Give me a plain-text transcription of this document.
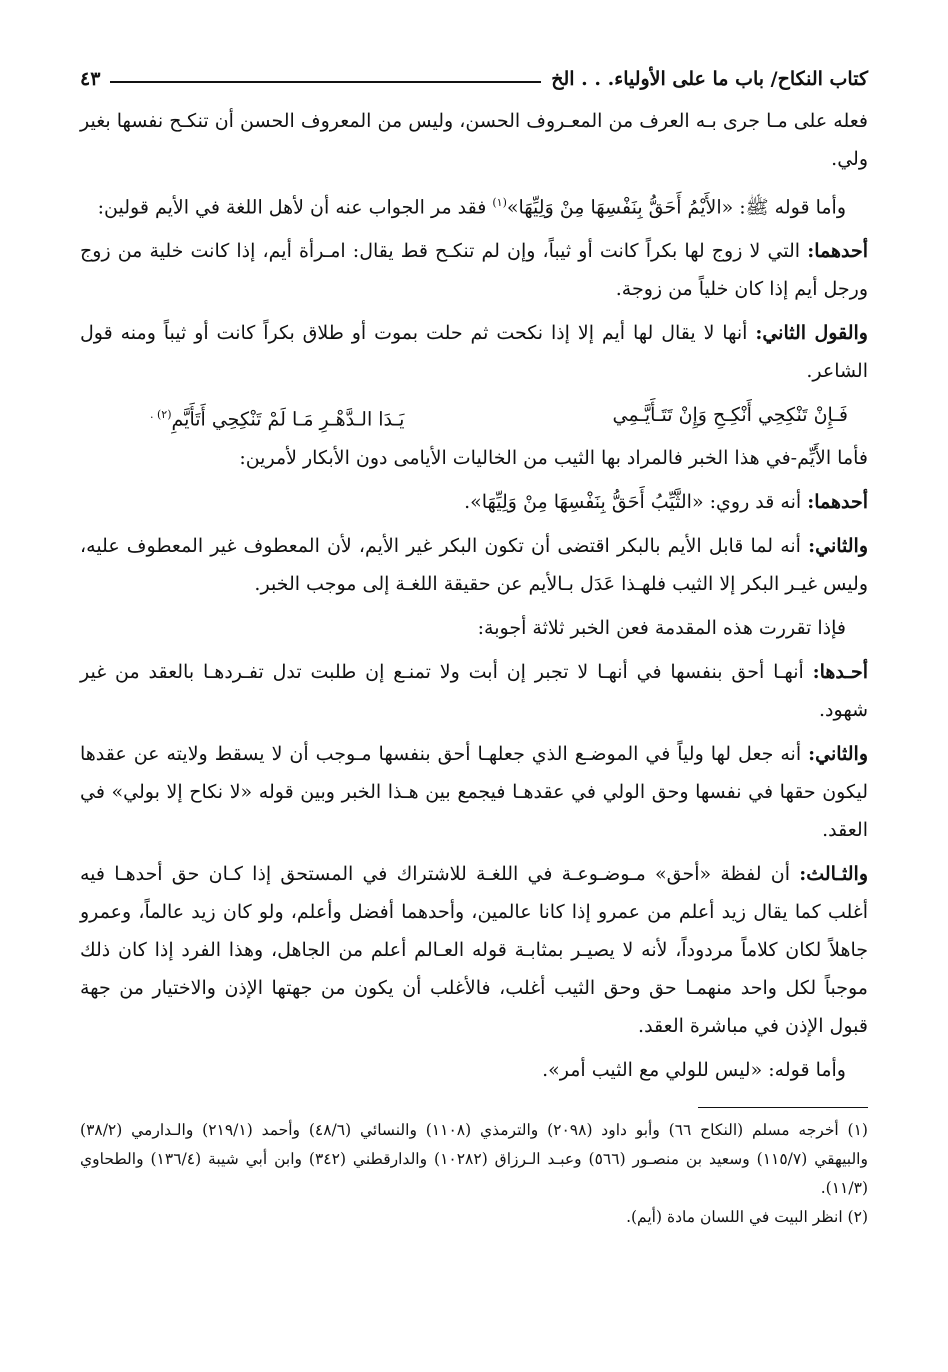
كتاب النكاح/ باب ما على الأولياء. . . الخ
٤٣

فعله على مـا جرى بـه العرف من المعـروف الحسن، وليس من المعروف الحسن أن تنكـح نفسها بغير ولي.

وأما قوله ﷺ: «الأَيْمُ أَحَقُّ بِنَفْسِهَا مِنْ وَلِيِّهَا»$^{(١)}$ فقد مر الجواب عنه أن لأهل اللغة في الأيم قولين:

أحدهما: التي لا زوج لها بكراً كانت أو ثيباً، وإن لم تنكـح قط يقال: امـرأة أيم، إذا كانت خلية من زوج ورجل أيم إذا كان خلياً من زوجة.

والقول الثاني: أنها لا يقال لها أيم إلا إذا نكحت ثم حلت بموت أو طلاق بكراً كانت أو ثيباً ومنه قول الشاعر.

فَـإِنْ تَنْكِحِي أَنْكِـحِ وَإِنْ تَتَـأَيَّـمِي
يَـدَا الـدَّهْـرِ مَـا لَمْ تَنْكِحِي أَتَأَيَّمِ$^{(٢) .}$

فأما الأَيِّم-في هذا الخبر فالمراد بها الثيب من الخاليات الأيامى دون الأبكار لأمرين:

أحدهما: أنه قد روي: «الثَّيِّبُ أَحَقُّ بِنَفْسِهَا مِنْ وَلِيِّهَا».

والثاني: أنه لما قابل الأيم بالبكر اقتضى أن تكون البكر غير الأيم، لأن المعطوف غير المعطوف عليه، وليس غيـر البكر إلا الثيب فلهـذا عَدَل بـالأيم عن حقيقة اللغـة إلى موجب الخبر.

فإذا تقررت هذه المقدمة فعن الخبر ثلاثة أجوبة:

أحـدها: أنهـا أحق بنفسها في أنهـا لا تجبر إن أبت ولا تمنـع إن طلبت تدل تفـردهـا بالعقد من غير شهود.

والثاني: أنه جعل لها ولياً في الموضـع الذي جعلهـا أحق بنفسها مـوجب أن لا يسقط ولايته عن عقدها ليكون حقها في نفسها وحق الولي في عقدهـا فيجمع بين هـذا الخبر وبين قوله «لا نكاح إلا بولي» في العقد.

والثـالث: أن لفظة «أحق» مـوضـوعـة في اللغـة للاشتراك في المستحق إذا كـان حق أحدهـا فيه أغلب كما يقال زيد أعلم من عمرو إذا كانا عالمين، وأحدهما أفضل وأعلم، ولو كان زيد عالماً، وعمرو جاهلاً لكان كلاماً مردوداً، لأنه لا يصيـر بمثابـة قوله العـالم أعلم من الجاهل، وهذا الفرد إذا كان ذلك موجباً لكل واحد منهمـا حق وحق الثيب أغلب، فالأغلب أن يكون من جهتها الإذن والاختيار من جهة قبول الإذن في مباشرة العقد.

وأما قوله: «ليس للولي مع الثيب أمر».

(١) أخرجه مسلم (النكاح ٦٦) وأبو داود (٢٠٩٨) والترمذي (١١٠٨) والنسائي (٤٨/٦) وأحمد (٢١٩/١) والـدارمي (٣٨/٢) والبيهقي (١١٥/٧) وسعيد بن منصـور (٥٦٦) وعبـد الـرزاق (١٠٢٨٢) والدارقطني (٣٤٢) وابن أبي شيبة (١٣٦/٤) والطحاوي (١١/٣).

(٢) انظر البيت في اللسان مادة (أيم).
